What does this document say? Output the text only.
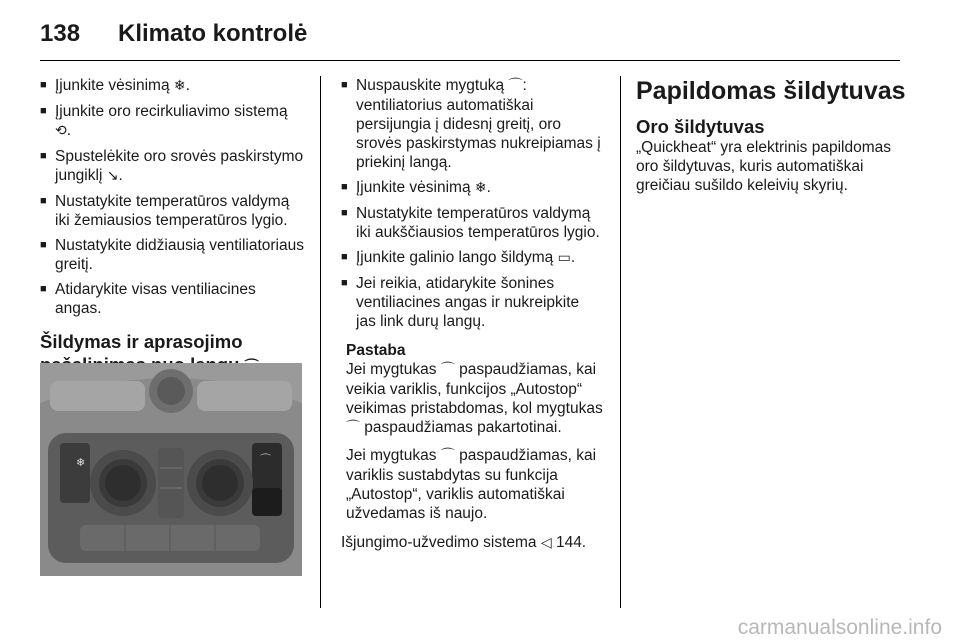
138 Klimato kontrolė
■ Įjunkite vėsinimą ❄.
■ Įjunkite oro recirkuliavimo sistemą ⟲.
■ Spustelėkite oro srovės paskirstymo jungiklį ↘.
■ Nustatykite temperatūros valdymą iki žemiausios temperatūros lygio.
■ Nustatykite didžiausią ventiliatoriaus greitį.
■ Atidarykite visas ventiliacines angas.
Šildymas ir aprasojimo
❄	⌒
■ Nuspauskite mygtuką ⌒: ventiliatorius automatiškai persijungia į didesnį greitį, oro srovės paskirstymas nukreipiamas į priekinį langą.
■ Įjunkite vėsinimą ❄.
■ Nustatykite temperatūros valdymą iki aukščiausios temperatūros lygio.
■ Įjunkite galinio lango šildymą ▭.
■ Jei reikia, atidarykite šonines ventiliacines angas ir nukreipkite jas link durų langų.
Pastaba

Jei mygtukas ⌒ paspaudžiamas, kai veikia variklis, funkcijos „Autostop“ veikimas pristabdomas, kol mygtukas ⌒ paspaudžiamas pakartotinai.

Jei mygtukas ⌒ paspaudžiamas, kai variklis sustabdytas su funkcija „Autostop“, variklis automatiškai užvedamas iš naujo.

Išjungimo-užvedimo sistema ◁ 144.

Papildomas šildytuvas
Oro šildytuvas

„Quickheat“ yra elektrinis papildomas oro šildytuvas, kuris automatiškai greičiau sušildo keleivių skyrių.

carmanualsonline.info
